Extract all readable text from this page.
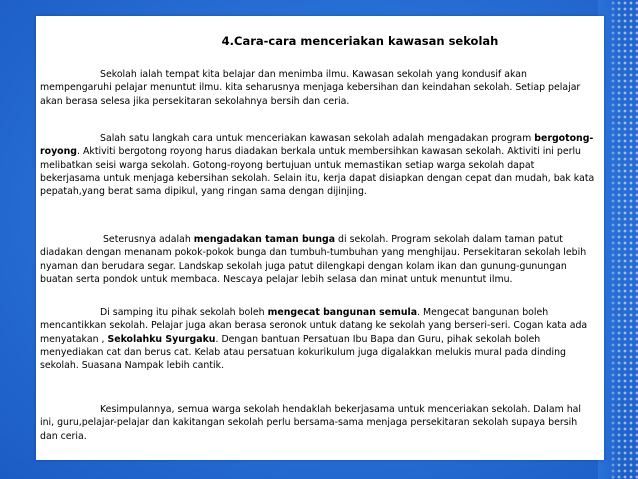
4.Cara-cara menceriakan kawasan sekolah

Sekolah ialah tempat kita belajar dan menimba ilmu. Kawasan sekolah yang kondusif akan mempengaruhi pelajar menuntut ilmu. kita seharusnya menjaga kebersihan dan keindahan sekolah. Setiap pelajar akan berasa selesa jika persekitaran sekolahnya bersih dan ceria.

Salah satu langkah cara untuk menceriakan kawasan sekolah adalah mengadakan program bergotong-royong. Aktiviti bergotong royong harus diadakan berkala untuk membersihkan kawasan sekolah. Aktiviti ini perlu melibatkan seisi warga sekolah. Gotong-royong bertujuan untuk memastikan setiap warga sekolah dapat bekerjasama untuk menjaga kebersihan sekolah. Selain itu, kerja dapat disiapkan dengan cepat dan mudah, bak kata pepatah,yang berat sama dipikul, yang ringan sama dengan dijinjing.

Seterusnya adalah mengadakan taman bunga di sekolah. Program sekolah dalam taman patut diadakan dengan menanam pokok-pokok bunga dan tumbuh-tumbuhan yang menghijau. Persekitaran sekolah lebih nyaman dan berudara segar. Landskap sekolah juga patut dilengkapi dengan kolam ikan dan gunung-gunungan buatan serta pondok untuk membaca. Nescaya pelajar lebih selasa dan minat untuk menuntut ilmu.

Di samping itu pihak sekolah boleh mengecat bangunan semula. Mengecat bangunan boleh mencantikkan sekolah. Pelajar juga akan berasa seronok untuk datang ke sekolah yang berseri-seri. Cogan kata ada menyatakan , Sekolahku Syurgaku. Dengan bantuan Persatuan Ibu Bapa dan Guru, pihak sekolah boleh menyediakan cat dan berus cat. Kelab atau persatuan kokurikulum juga digalakkan melukis mural pada dinding sekolah. Suasana Nampak lebih cantik.

Kesimpulannya, semua warga sekolah hendaklah bekerjasama untuk menceriakan sekolah. Dalam hal ini, guru,pelajar-pelajar dan kakitangan sekolah perlu bersama-sama menjaga persekitaran sekolah supaya bersih dan ceria.
